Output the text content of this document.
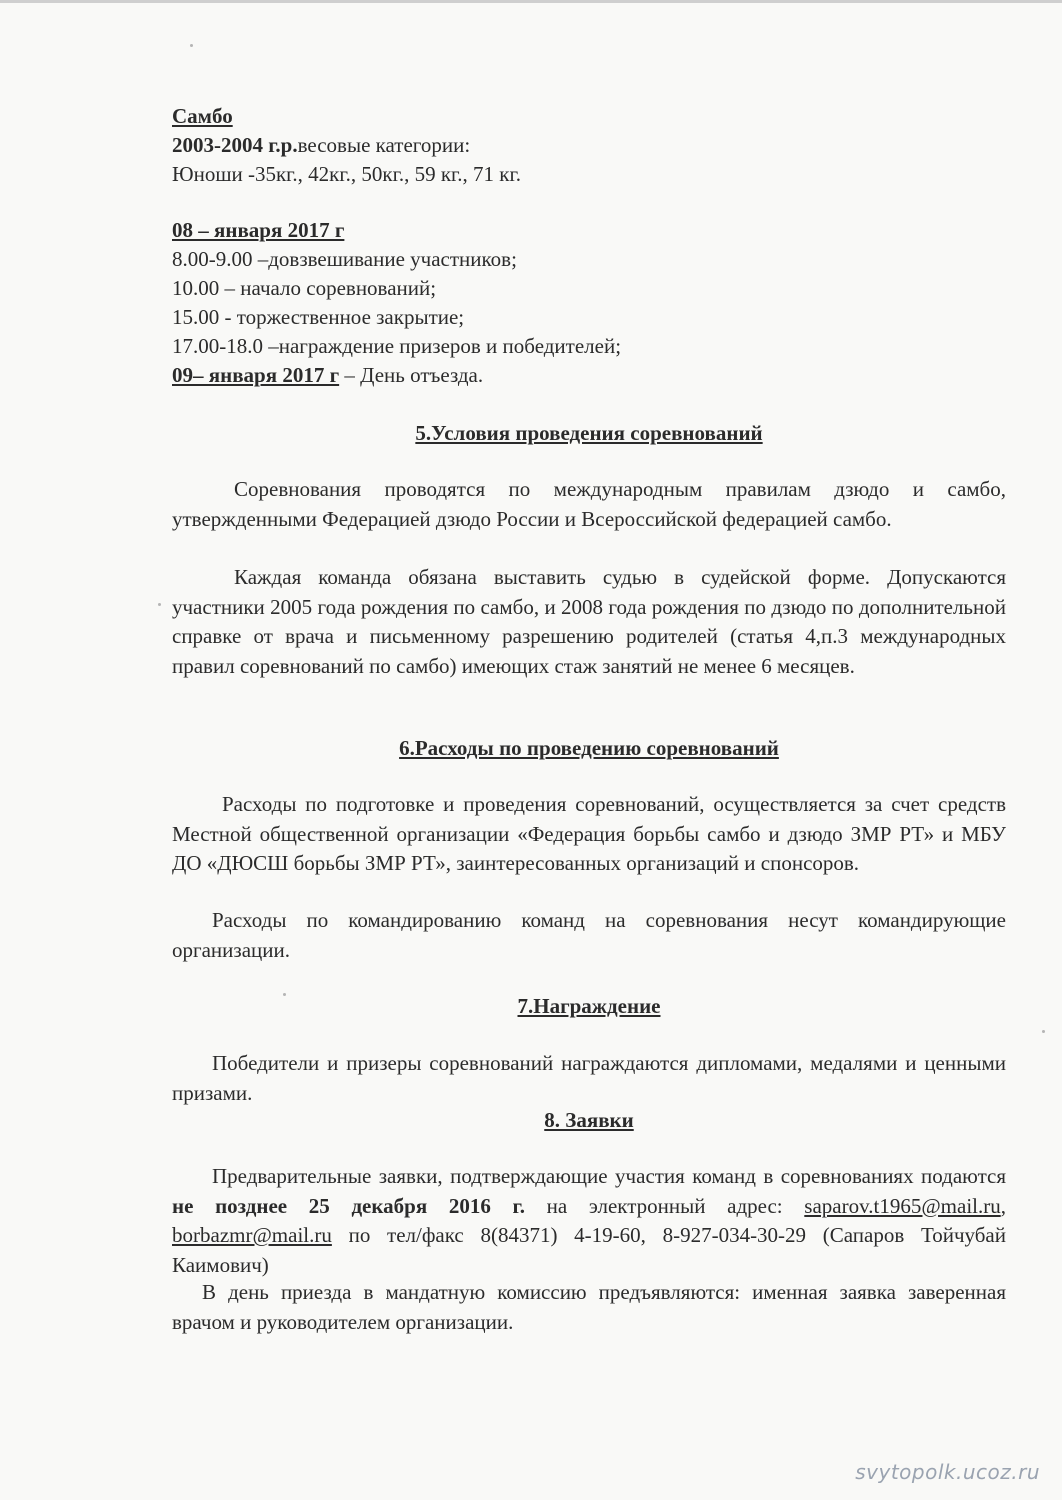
Самбо
2003-2004 г.р.весовые категории:
Юноши -35кг., 42кг., 50кг., 59 кг., 71 кг.
08 – января 2017 г
8.00-9.00 –довзвешивание участников;
10.00 – начало соревнований;
15.00 - торжественное закрытие;
17.00-18.0 –награждение призеров и победителей;
09– января 2017 г – День отъезда.
5.Условия проведения соревнований
Соревнования проводятся по международным правилам дзюдо и самбо, утвержденными Федерацией дзюдо России и Всероссийской федерацией самбо.
Каждая команда обязана выставить судью в судейской форме. Допускаются участники 2005 года рождения по самбо, и 2008 года рождения по дзюдо по дополнительной справке от врача и письменному разрешению родителей (статья 4,п.3 международных правил соревнований по самбо) имеющих стаж занятий не менее 6 месяцев.
6.Расходы по проведению соревнований
Расходы по подготовке и проведения соревнований, осуществляется за счет средств Местной общественной организации «Федерация борьбы самбо и дзюдо ЗМР РТ» и МБУ ДО «ДЮСШ борьбы ЗМР РТ», заинтересованных организаций и спонсоров.
Расходы по командированию команд на соревнования несут командирующие организации.
7.Награждение
Победители и призеры соревнований награждаются дипломами, медалями и ценными призами.
8. Заявки
Предварительные заявки, подтверждающие участия команд в соревнованиях подаются не позднее 25 декабря 2016 г. на электронный адрес: saparov.t1965@mail.ru, borbazmr@mail.ru по тел/факс 8(84371) 4-19-60, 8-927-034-30-29 (Сапаров Тойчубай Каимович)
В день приезда в мандатную комиссию предъявляются: именная заявка заверенная врачом и руководителем организации.
svytopolk.ucoz.ru
